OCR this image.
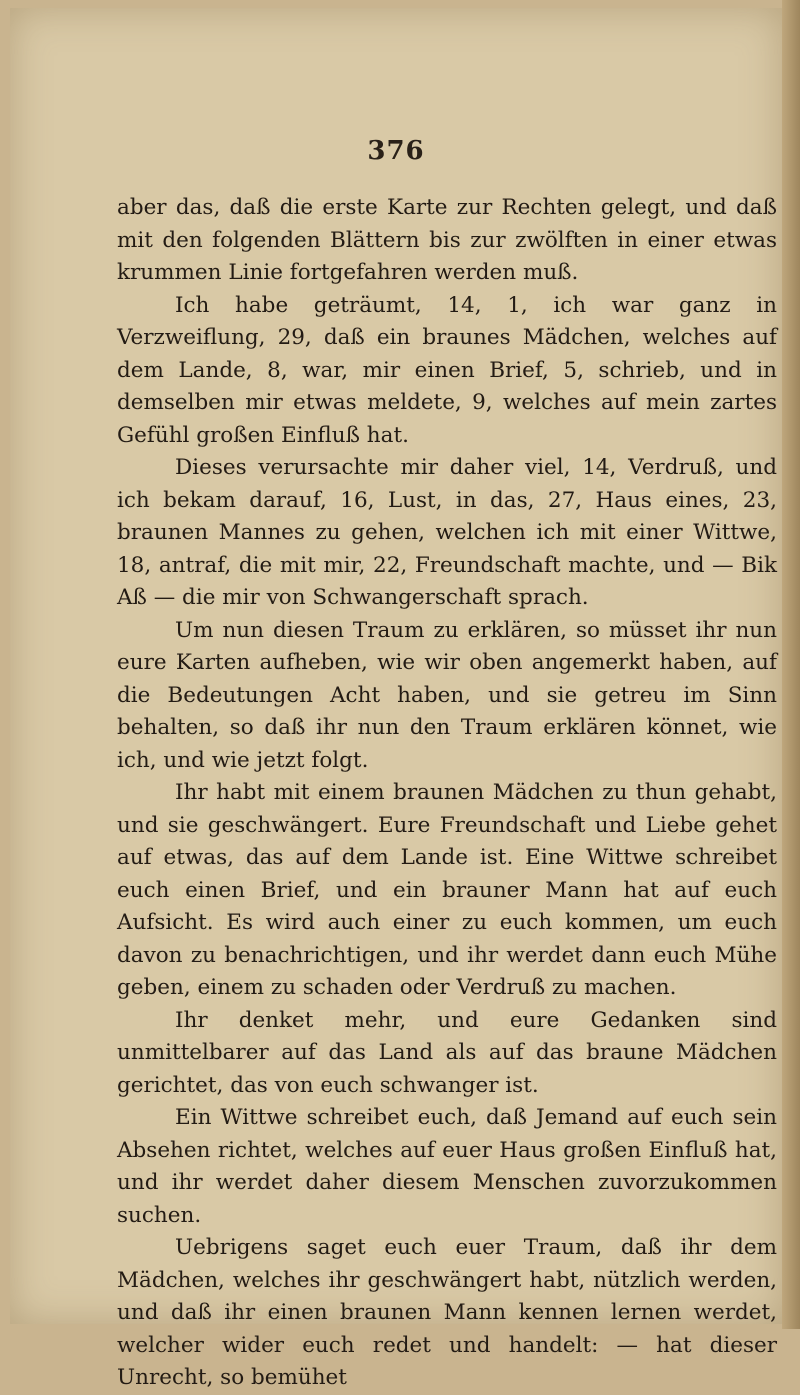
376

aber das, daß die erste Karte zur Rechten gelegt, und daß mit den folgenden Blättern bis zur zwölften in einer etwas krummen Linie fortgefahren werden muß.

Ich habe geträumt, 14, 1, ich war ganz in Verzweiflung, 29, daß ein braunes Mädchen, welches auf dem Lande, 8, war, mir einen Brief, 5, schrieb, und in demselben mir etwas meldete, 9, welches auf mein zartes Gefühl großen Einfluß hat.

Dieses verursachte mir daher viel, 14, Verdruß, und ich bekam darauf, 16, Lust, in das, 27, Haus eines, 23, braunen Mannes zu gehen, welchen ich mit einer Wittwe, 18, antraf, die mit mir, 22, Freundschaft machte, und — Bik Aß — die mir von Schwangerschaft sprach.

Um nun diesen Traum zu erklären, so müsset ihr nun eure Karten aufheben, wie wir oben angemerkt haben, auf die Bedeutungen Acht haben, und sie getreu im Sinn behalten, so daß ihr nun den Traum erklären könnet, wie ich, und wie jetzt folgt.

Ihr habt mit einem braunen Mädchen zu thun gehabt, und sie geschwängert. Eure Freundschaft und Liebe gehet auf etwas, das auf dem Lande ist. Eine Wittwe schreibet euch einen Brief, und ein brauner Mann hat auf euch Aufsicht. Es wird auch einer zu euch kommen, um euch davon zu benachrichtigen, und ihr werdet dann euch Mühe geben, einem zu schaden oder Verdruß zu machen.

Ihr denket mehr, und eure Gedanken sind unmittelbarer auf das Land als auf das braune Mädchen gerichtet, das von euch schwanger ist.

Ein Wittwe schreibet euch, daß Jemand auf euch sein Absehen richtet, welches auf euer Haus großen Einfluß hat, und ihr werdet daher diesem Menschen zuvorzukommen suchen.

Uebrigens saget euch euer Traum, daß ihr dem Mädchen, welches ihr geschwängert habt, nützlich werden, und daß ihr einen braunen Mann kennen lernen werdet, welcher wider euch redet und handelt: — hat dieser Unrecht, so bemühet
